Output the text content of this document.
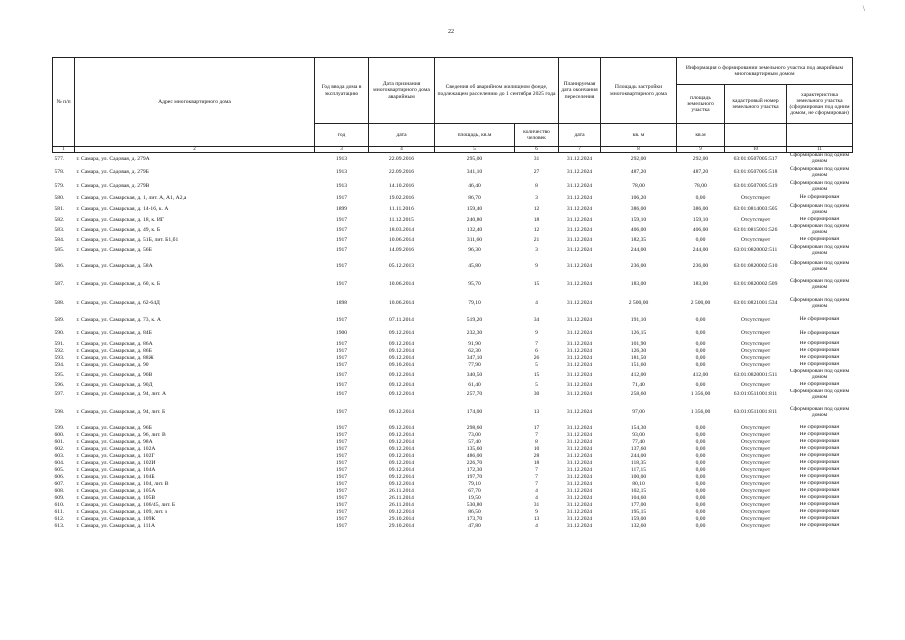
22
\
№ п/п	Адрес многоквартирного дома	Год ввода дома в эксплуатацию	Дата признания многоквартирного дома аварийным	Сведения об аварийном жилищном фонде, подлежащем расселению до 1 сентября 2025 года		Планируемая дата окончания переселения	Площадь застройки многоквартирного дома	Информация о формировании земельного участка под аварийным многоквартирным домом		
								площадь земельного участка	кадастровый номер земельного участка	характеристика земельного участка (сформирован под одним домом, не сформирован)
		год	дата	площадь, кв.м	количество человек	дата	кв. м	кв.м		
1	2	3	4	5	6	7	8	9	10	11
577.	г. Самара, ул. Садовая, д. 279А	1913	22.09.2016	295,00	31	31.12.2024	292,00	292,00	63:01:0507005:517	Сформирован под одним домом
578.	г. Самара, ул. Садовая, д. 279Б	1913	22.09.2016	341,10	27	31.12.2024	487,20	487,20	63:01:0507005:518	Сформирован под одним домом
579.	г. Самара, ул. Садовая, д. 279В	1913	14.10.2016	46,40	8	31.12.2024	78,00	78,00	63:01:0507005:519	Сформирован под одним домом
580.	г. Самара, ул. Самарская, д. 1, лит. А, А1, А2,а	1917	19.02.2016	86,70	3	31.12.2024	106,20	0,00	Отсутствует	Не сформирован
581.	г. Самара, ул. Самарская, д. 14-16, к. А	1899	11.11.2016	159,40	12	31.12.2024	386,00	386,00	63:01:0814003:505	Сформирован под одним домом
582.	г. Самара, ул. Самарская, д. 18, к. ИГ	1917	11.12.2015	240,80	18	31.12.2024	159,10	159,10	Отсутствует	Не сформирован
583.	г. Самара, ул. Самарская, д. 49, к. Б	1917	18.03.2014	132,40	12	31.12.2024	406,00	406,00	63:01:0815001:526	Сформирован под одним домом
584.	г. Самара, ул. Самарская, д. 51Б, лит. Б1,б1	1917	10.06.2014	311,60	21	31.12.2024	182,35	0,00	Отсутствует	Не сформирован
585.	г. Самара, ул. Самарская, д. 56Б	1917	14.09.2016	96,30	3	31.12.2024	244,00	244,00	63:01:0820002:511	Сформирован под одним домом
586.	г. Самара, ул. Самарская, д. 58А	1917	05.12.2013	45,80	9	31.12.2024	236,00	236,00	63:01:0820002:510	Сформирован под одним домом
587.	г. Самара, ул. Самарская, д. 60, к. Б	1917	10.06.2014	95,70	15	31.12.2024	183,00	183,00	63:01:0820002:509	Сформирован под одним домом
588.	г. Самара, ул. Самарская, д. 62-64Д	1898	10.06.2014	79,10	4	31.12.2024	2 500,00	2 500,00	63:01:0821001:534	Сформирован под одним домом
589.	г. Самара, ул. Самарская, д. 73, к. А	1917	07.11.2014	519,20	34	31.12.2024	191,10	0,00	Отсутствует	Не сформирован
590.	г. Самара, ул. Самарская, д. 84Б	1900	09.12.2014	232,30	9	31.12.2024	126,15	0,00	Отсутствует	Не сформирован
591.	г. Самара, ул. Самарская, д. 86А	1917	09.12.2014	91,90	7	31.12.2024	101,90	0,00	Отсутствует	Не сформирован
592.	г. Самара, ул. Самарская, д. 86Б	1917	09.12.2014	62,30	6	31.12.2024	126,30	0,00	Отсутствует	Не сформирован
593.	г. Самара, ул. Самарская, д. 88Ж	1917	09.12.2014	347,10	26	31.12.2024	181,50	0,00	Отсутствует	Не сформирован
594.	г. Самара, ул. Самарская, д. 90	1917	09.10.2014	77,90	5	31.12.2024	151,60	0,00	Отсутствует	Не сформирован
595.	г. Самара, ул. Самарская, д. 90В	1917	09.12.2014	340,50	15	31.12.2024	412,00	412,00	63:01:0820001:511	Сформирован под одним домом
596.	г. Самара, ул. Самарская, д. 90Д	1917	09.12.2014	61,40	5	31.12.2024	71,40	0,00	Отсутствует	Не сформирован
597.	г. Самара, ул. Самарская, д. 94, лит. А	1917	09.12.2014	257,70	30	31.12.2024	258,60	1 356,00	63:01:0511001:811	Сформирован под одним домом
598.	г. Самара, ул. Самарская, д. 94, лит. Б	1917	09.12.2014	174,00	13	31.12.2024	97,00	1 356,00	63:01:0511001:811	Сформирован под одним домом
599.	г. Самара, ул. Самарская, д. 96Б	1917	09.12.2014	298,60	17	31.12.2024	154,30	0,00	Отсутствует	Не сформирован
600.	г. Самара, ул. Самарская, д. 96, лит. В	1917	09.12.2014	73,00	7	31.12.2024	93,00	0,00	Отсутствует	Не сформирован
601.	г. Самара, ул. Самарская, д. 98А	1917	09.12.2014	57,40	8	31.12.2024	77,40	0,00	Отсутствует	Не сформирован
602.	г. Самара, ул. Самарская, д. 102А	1917	09.12.2014	135,60	10	31.12.2024	137,60	0,00	Отсутствует	Не сформирован
603.	г. Самара, ул. Самарская, д. 102Г	1917	09.12.2014	486,00	28	31.12.2024	244,00	0,00	Отсутствует	Не сформирован
604.	г. Самара, ул. Самарская, д. 102И	1917	09.12.2014	226,70	18	31.12.2024	118,35	0,00	Отсутствует	Не сформирован
605.	г. Самара, ул. Самарская, д. 104А	1917	09.12.2014	172,30	7	31.12.2024	117,15	0,00	Отсутствует	Не сформирован
606.	г. Самара, ул. Самарская, д. 104Б	1917	09.12.2014	197,70	7	31.12.2024	100,00	0,00	Отсутствует	Не сформирован
607.	г. Самара, ул. Самарская, д. 104, лит. В	1917	09.12.2014	79,10	7	31.12.2024	80,10	0,00	Отсутствует	Не сформирован
608.	г. Самара, ул. Самарская, д. 105А	1917	26.11.2014	67,70	4	31.12.2024	102,15	0,00	Отсутствует	Не сформирован
609.	г. Самара, ул. Самарская, д. 105В	1917	26.11.2014	19,50	4	31.12.2024	104,60	0,00	Отсутствует	Не сформирован
610.	г. Самара, ул. Самарская, д. 106/45, лит. Б	1917	26.11.2014	530,80	31	31.12.2024	177,00	0,00	Отсутствует	Не сформирован
611.	г. Самара, ул. Самарская, д. 109, лит. з	1917	09.12.2014	86,50	9	31.12.2024	195,15	0,00	Отсутствует	Не сформирован
612.	г. Самара, ул. Самарская, д. 109К	1917	29.10.2014	173,70	13	31.12.2024	159,00	0,00	Отсутствует	Не сформирован
613.	г. Самара, ул. Самарская, д. 111А	1917	29.10.2014	47,80	4	31.12.2024	132,60	0,00	Отсутствует	Не сформирован
